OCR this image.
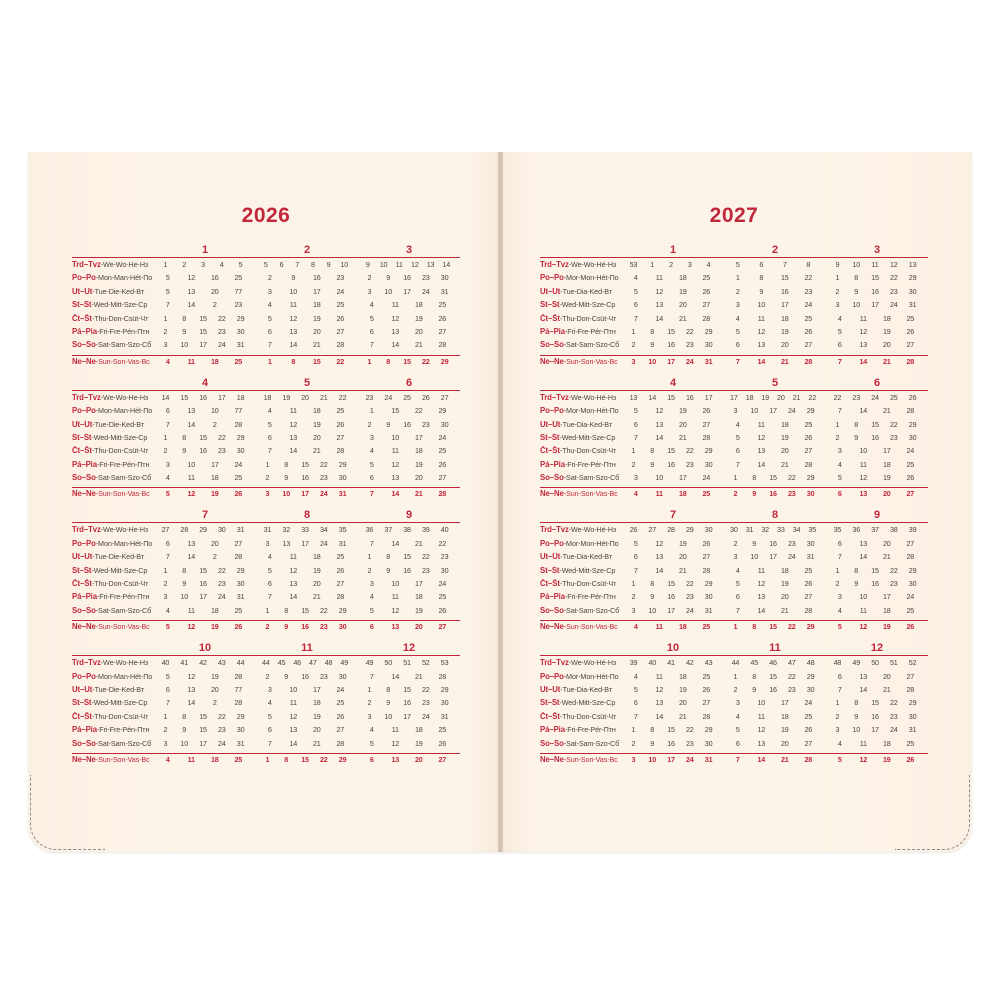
2026
1	2	3
Trd–Tvz-We-Wo-He-Hз	1	2	3	4	5	5	6	7	8	9	10	9	10	11	12	13	14
Po–Po-Mon-Man-Hét-Пo	5	12	16	25	2	9	16	23	2	9	16	23	30
Ut–Ut-Tue-Die-Ked-Bт	5	13	20	77	3	10	17	24	3	10	17	24	31
St–St-Wed-Mitt-Sze-Cp	7	14	2	23	4	11	18	25	4	11	18	25
Čt–Št-Thu-Don-Csüt-Чт	1	8	15	22	29	5	12	19	26	5	12	19	26
Pá–Pia-Fri-Fre-Pén-Птн	2	9	15	23	30	6	13	20	27	6	13	20	27
So–So-Sat-Sam-Szo-Cб	3	10	17	24	31	7	14	21	28	7	14	21	28
Ne–Ne-Sun-Son-Vas-Bc	4	11	18	25	1	8	15	22	1	8	15	22	29
4	5	6
Trd–Tvz-We-Wo-He-Hз	14	15	16	17	18	18	19	20	21	22	23	24	25	26	27
Po–Po-Mon-Man-Hét-Пo	6	13	10	77	4	11	18	25	1	15	22	29
Ut–Ut-Tue-Die-Ked-Bт	7	14	2	28	5	12	19	26	2	9	16	23	30
St–St-Wed-Mitt-Sze-Cp	1	8	15	22	29	6	13	20	27	3	10	17	24
Čt–Št-Thu-Don-Csüt-Чт	2	9	16	23	30	7	14	21	28	4	11	18	25
Pá–Pia-Fri-Fre-Pén-Птн	3	10	17	24	1	8	15	22	29	5	12	19	26
So–So-Sat-Sam-Szo-Cб	4	11	18	25	2	9	16	23	30	6	13	20	27
Ne–Ne-Sun-Son-Vas-Bc	5	12	19	26	3	10	17	24	31	7	14	21	28
7	8	9
Trd–Tvz-We-Wo-He-Hз	27	28	29	30	31	31	32	33	34	35	36	37	38	39	40
Po–Po-Mon-Man-Hét-Пo	6	13	20	27	3	13	17	24	31	7	14	21	22
Ut–Ut-Tue-Die-Ked-Bт	7	14	2	28	4	11	18	25	1	8	15	22	23
St–St-Wed-Mitt-Sze-Cp	1	8	15	22	29	5	12	19	26	2	9	16	23	30
Čt–Št-Thu-Don-Csüt-Чт	2	9	16	23	30	6	13	20	27	3	10	17	24
Pá–Pia-Fri-Fre-Pén-Птн	3	10	17	24	31	7	14	21	28	4	11	18	25
So–So-Sat-Sam-Szo-Cб	4	11	18	25	1	8	15	22	29	5	12	19	26
Ne–Ne-Sun-Son-Vas-Bc	5	12	19	26	2	9	16	23	30	6	13	20	27
10	11	12
Trd–Tvz-We-Wo-He-Hз	40	41	42	43	44	44	45	46	47	48	49	49	50	51	52	53
Po–Po-Mon-Man-Hét-Пo	5	12	19	28	2	9	16	23	30	7	14	21	28
Ut–Ut-Tue-Die-Ked-Bт	6	13	20	77	3	10	17	24	1	8	15	22	29
St–St-Wed-Mitt-Sze-Cp	7	14	2	28	4	11	18	25	2	9	16	23	30
Čt–Št-Thu-Don-Csüt-Чт	1	8	15	22	29	5	12	19	26	3	10	17	24	31
Pá–Pia-Fri-Fre-Pén-Птн	2	9	15	23	30	6	13	20	27	4	11	18	25
So–So-Sat-Sam-Szo-Cб	3	10	17	24	31	7	14	21	28	5	12	19	26
Ne–Ne-Sun-Son-Vas-Bc	4	11	18	25	1	8	15	22	29	6	13	20	27
2027
1	2	3
Trd–Tvz-We-Wo-Hé-Hз	53	1	2	3	4	5	6	7	8	9	10	11	12	13
Po–Po-Mor-Mon-Hét-По	4	11	18	25	1	8	15	22	1	8	15	22	29
Ut–Ut-Tue-Dia-Ked-Bт	5	12	19	26	2	9	16	23	2	9	16	23	30
St–St-Wed-Mitt-Sze-Cp	6	13	20	27	3	10	17	24	3	10	17	24	31
Čt–Št-Thu-Don-Csüt-Чт	7	14	21	28	4	11	18	25	4	11	18	25
Pá–Pia-Fri-Fre-Pér-Птн	1	8	15	22	29	5	12	19	26	5	12	19	26
So–So-Sat-Sam-Szo-Cб	2	9	16	23	30	6	13	20	27	6	13	20	27
Ne–Ne-Sun-Son-Vas-Bc	3	10	17	24	31	7	14	21	28	7	14	21	28
4	5	6
Trd–Tvz-We-Wo-Hé-Hз	13	14	15	16	17	17	18	19	20	21	22	22	23	24	25	26
Po–Po-Mor-Mon-Hét-По	5	12	19	26	3	10	17	24	29	7	14	21	28
Ut–Ut-Tue-Dia-Ked-Bт	6	13	20	27	4	11	18	25	1	8	15	22	29
St–St-Wed-Mitt-Sze-Cp	7	14	21	28	5	12	19	26	2	9	16	23	30
Čt–Št-Thu-Don-Csüt-Чт	1	8	15	22	29	6	13	20	27	3	10	17	24
Pá–Pia-Fri-Fre-Pér-Птн	2	9	16	23	30	7	14	21	28	4	11	18	25
So–So-Sat-Sam-Szo-Cб	3	10	17	24	1	8	15	22	29	5	12	19	26
Ne–Ne-Sun-Son-Vas-Bc	4	11	18	25	2	9	16	23	30	6	13	20	27
7	8	9
Trd–Tvz-We-Wo-Hé-Hз	26	27	28	29	30	30	31	32	33	34	35	35	36	37	38	39
Po–Po-Mor-Mon-Hét-По	5	12	19	26	2	9	16	23	30	6	13	20	27
Ut–Ut-Tue-Dia-Ked-Bт	6	13	20	27	3	10	17	24	31	7	14	21	28
St–St-Wed-Mitt-Sze-Cp	7	14	21	28	4	11	18	25	1	8	15	22	29
Čt–Št-Thu-Don-Csüt-Чт	1	8	15	22	29	5	12	19	26	2	9	16	23	30
Pá–Pia-Fri-Fre-Pér-Птн	2	9	16	23	30	6	13	20	27	3	10	17	24
So–So-Sat-Sam-Szo-Cб	3	10	17	24	31	7	14	21	28	4	11	18	25
Ne–Ne-Sun-Son-Vas-Bc	4	11	18	25	1	8	15	22	29	5	12	19	26
10	11	12
Trd–Tvz-We-Wo-Hé-Hз	39	40	41	42	43	44	45	46	47	48	48	49	50	51	52
Po–Po-Mor-Mon-Hét-По	4	11	18	25	1	8	15	22	29	6	13	20	27
Ut–Ut-Tue-Dia-Ked-Bт	5	12	19	26	2	9	16	23	30	7	14	21	28
St–St-Wed-Mitt-Sze-Cp	6	13	20	27	3	10	17	24	1	8	15	22	29
Čt–Št-Thu-Don-Csüt-Чт	7	14	21	28	4	11	18	25	2	9	16	23	30
Pá–Pia-Fri-Fre-Pér-Птн	1	8	15	22	29	5	12	19	26	3	10	17	24	31
So–So-Sat-Sam-Szo-Cб	2	9	16	23	30	6	13	20	27	4	11	18	25
Ne–Ne-Sun-Son-Vas-Bc	3	10	17	24	31	7	14	21	28	5	12	19	26
